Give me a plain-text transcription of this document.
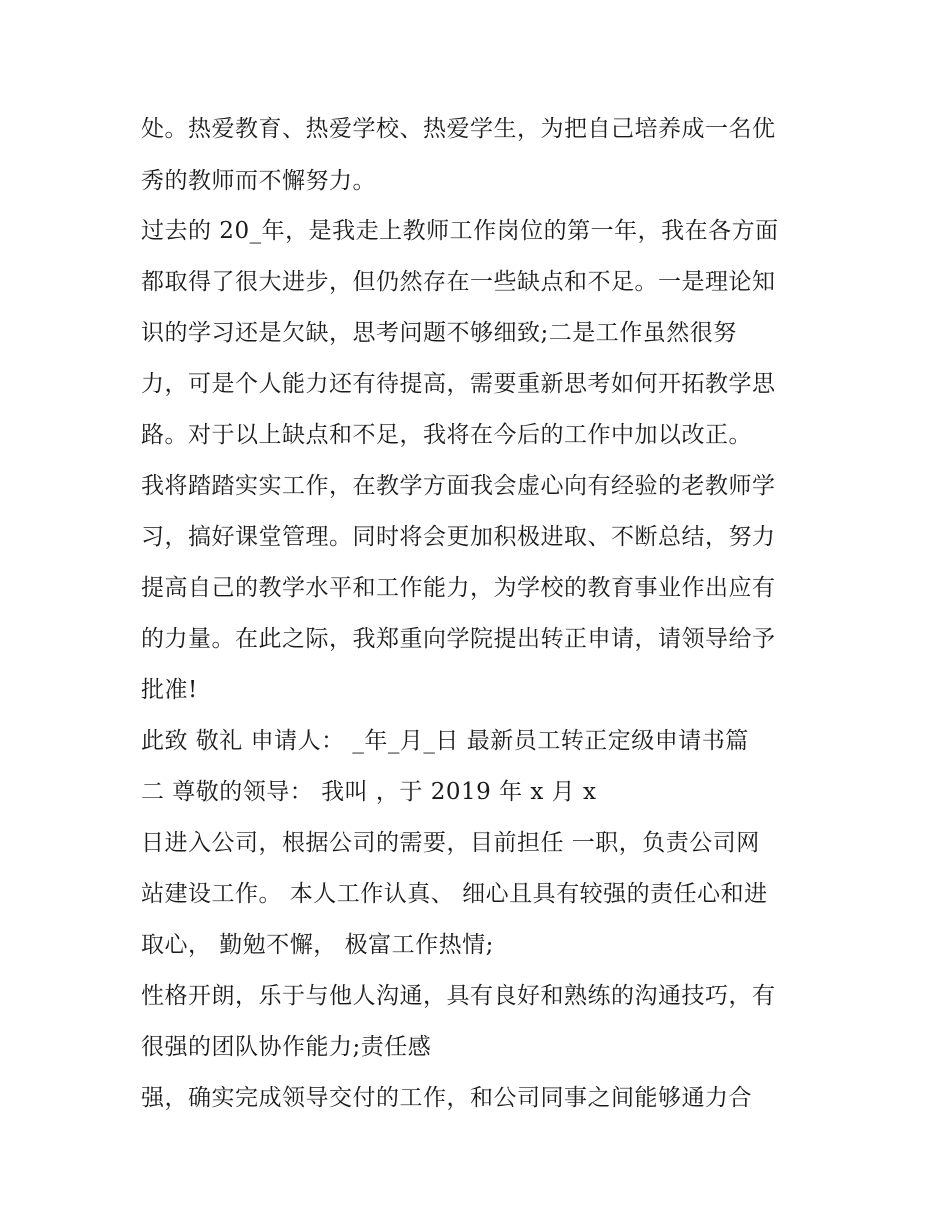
处。热爱教育、热爱学校、热爱学生，为把自己培养成一名优
秀的教师而不懈努力。
过去的 20_年，是我走上教师工作岗位的第一年，我在各方面
都取得了很大进步，但仍然存在一些缺点和不足。一是理论知
识的学习还是欠缺，思考问题不够细致;二是工作虽然很努
力，可是个人能力还有待提高，需要重新思考如何开拓教学思
路。对于以上缺点和不足，我将在今后的工作中加以改正。
我将踏踏实实工作，在教学方面我会虚心向有经验的老教师学
习，搞好课堂管理。同时将会更加积极进取、不断总结，努力
提高自己的教学水平和工作能力，为学校的教育事业作出应有
的力量。在此之际，我郑重向学院提出转正申请，请领导给予
批准!
此致 敬礼 申请人： _年_月_日 最新员工转正定级申请书篇
二 尊敬的领导： 我叫 ，于 2019 年 x 月 x
日进入公司，根据公司的需要，目前担任 一职，负责公司网
站建设工作。 本人工作认真、 细心且具有较强的责任心和进
取心， 勤勉不懈， 极富工作热情;
性格开朗，乐于与他人沟通，具有良好和熟练的沟通技巧，有
很强的团队协作能力;责任感
强，确实完成领导交付的工作，和公司同事之间能够通力合
